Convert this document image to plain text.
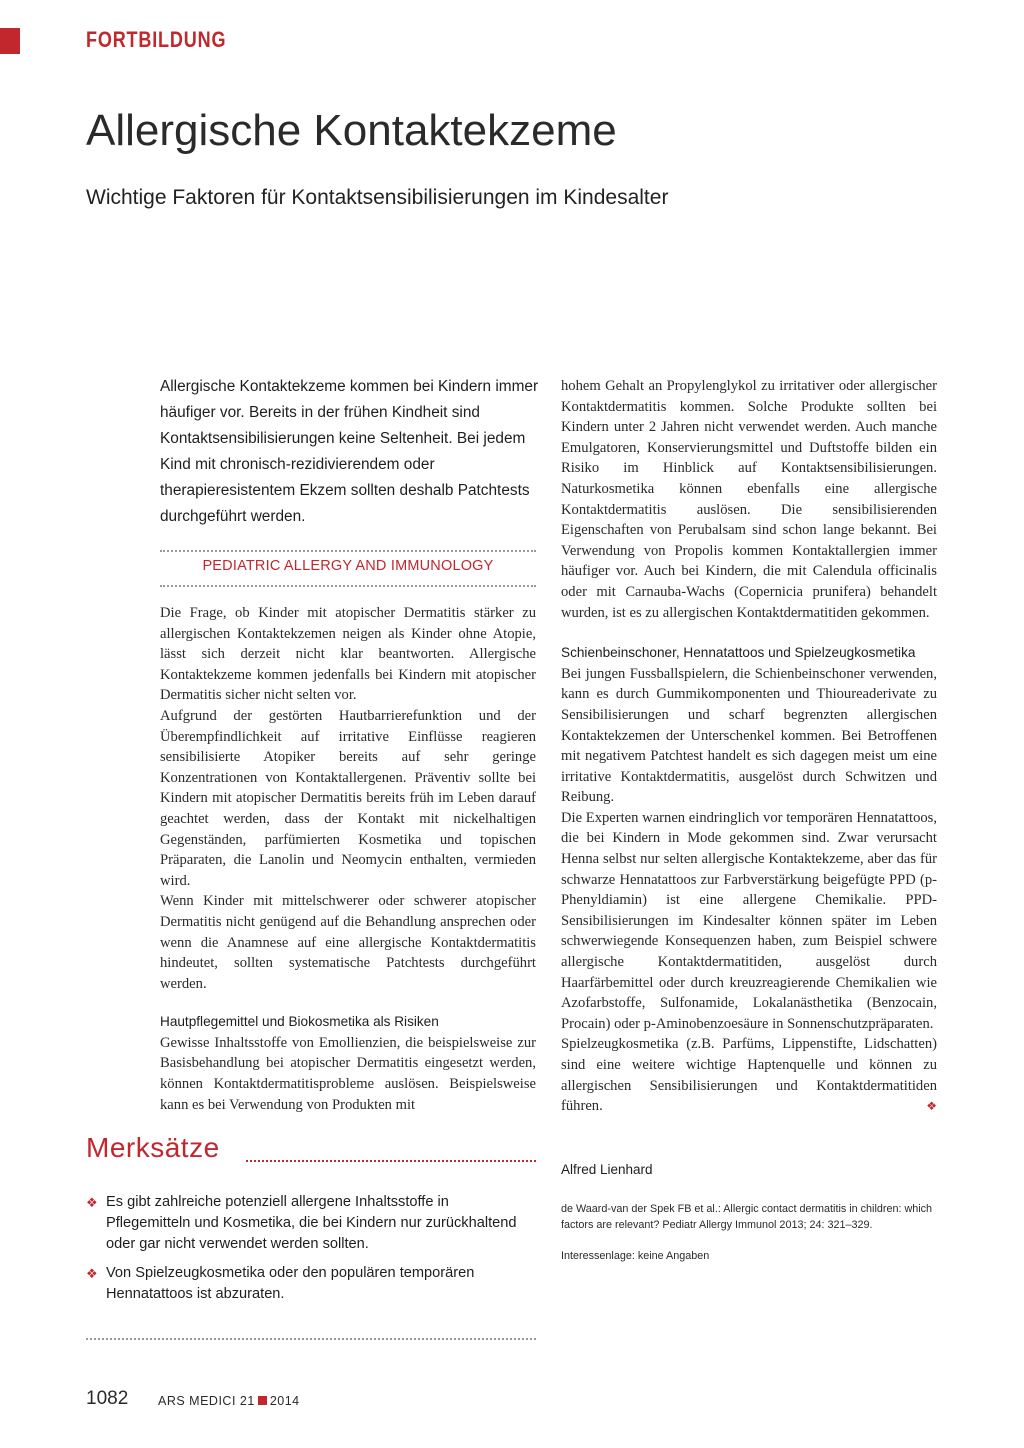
FORTBILDUNG
Allergische Kontaktekzeme
Wichtige Faktoren für Kontaktsensibilisierungen im Kindesalter
Allergische Kontaktekzeme kommen bei Kindern immer häufiger vor. Bereits in der frühen Kindheit sind Kontaktsensibilisierungen keine Seltenheit. Bei jedem Kind mit chronisch-rezidivierendem oder therapieresistentem Ekzem sollten deshalb Patchtests durchgeführt werden.
PEDIATRIC ALLERGY AND IMMUNOLOGY

Die Frage, ob Kinder mit atopischer Dermatitis stärker zu allergischen Kontaktekzemen neigen als Kinder ohne Atopie, lässt sich derzeit nicht klar beantworten. Allergische Kontaktekzeme kommen jedenfalls bei Kindern mit atopischer Dermatitis sicher nicht selten vor.

Aufgrund der gestörten Hautbarrierefunktion und der Überempfindlichkeit auf irritative Einflüsse reagieren sensibilisierte Atopiker bereits auf sehr geringe Konzentrationen von Kontaktallergenen. Präventiv sollte bei Kindern mit atopischer Dermatitis bereits früh im Leben darauf geachtet werden, dass der Kontakt mit nickelhaltigen Gegenständen, parfümierten Kosmetika und topischen Präparaten, die Lanolin und Neomycin enthalten, vermieden wird.

Wenn Kinder mit mittelschwerer oder schwerer atopischer Dermatitis nicht genügend auf die Behandlung ansprechen oder wenn die Anamnese auf eine allergische Kontaktdermatitis hindeutet, sollten systematische Patchtests durchgeführt werden.

Hautpflegemittel und Biokosmetika als Risiken

Gewisse Inhaltsstoffe von Emollienzien, die beispielsweise zur Basisbehandlung bei atopischer Dermatitis eingesetzt werden, können Kontaktdermatitisprobleme auslösen. Beispielsweise kann es bei Verwendung von Produkten mit

hohem Gehalt an Propylenglykol zu irritativer oder allergischer Kontaktdermatitis kommen. Solche Produkte sollten bei Kindern unter 2 Jahren nicht verwendet werden. Auch manche Emulgatoren, Konservierungsmittel und Duftstoffe bilden ein Risiko im Hinblick auf Kontaktsensibilisierungen. Naturkosmetika können ebenfalls eine allergische Kontaktdermatitis auslösen. Die sensibilisierenden Eigenschaften von Perubalsam sind schon lange bekannt. Bei Verwendung von Propolis kommen Kontaktallergien immer häufiger vor. Auch bei Kindern, die mit Calendula officinalis oder mit Carnauba-Wachs (Copernicia prunifera) behandelt wurden, ist es zu allergischen Kontaktdermatitiden gekommen.

Schienbeinschoner, Hennatattoos und Spielzeugkosmetika

Bei jungen Fussballspielern, die Schienbeinschoner verwenden, kann es durch Gummikomponenten und Thioureaderivate zu Sensibilisierungen und scharf begrenzten allergischen Kontaktekzemen der Unterschenkel kommen. Bei Betroffenen mit negativem Patchtest handelt es sich dagegen meist um eine irritative Kontaktdermatitis, ausgelöst durch Schwitzen und Reibung.

Die Experten warnen eindringlich vor temporären Hennatattoos, die bei Kindern in Mode gekommen sind. Zwar verursacht Henna selbst nur selten allergische Kontaktekzeme, aber das für schwarze Hennatattoos zur Farbverstärkung beigefügte PPD (p-Phenyldiamin) ist eine allergene Chemikalie. PPD-Sensibilisierungen im Kindesalter können später im Leben schwerwiegende Konsequenzen haben, zum Beispiel schwere allergische Kontaktdermatitiden, ausgelöst durch Haarfärbemittel oder durch kreuzreagierende Chemikalien wie Azofarbstoffe, Sulfonamide, Lokalanästhetika (Benzocain, Procain) oder p-Aminobenzoesäure in Sonnenschutzpräparaten.

Spielzeugkosmetika (z.B. Parfüms, Lippenstifte, Lidschatten) sind eine weitere wichtige Haptenquelle und können zu allergischen Sensibilisierungen und Kontaktdermatitiden führen.	❖

Merksätze
❖ Es gibt zahlreiche potenziell allergene Inhaltsstoffe in Pflegemitteln und Kosmetika, die bei Kindern nur zurückhaltend oder gar nicht verwendet werden sollten.
❖ Von Spielzeugkosmetika oder den populären temporären Hennatattoos ist abzuraten.
Alfred Lienhard
de Waard-van der Spek FB et al.: Allergic contact dermatitis in children: which factors are relevant? Pediatr Allergy Immunol 2013; 24: 321–329.
Interessenlage: keine Angaben
1082 ARS MEDICI 21 2014
